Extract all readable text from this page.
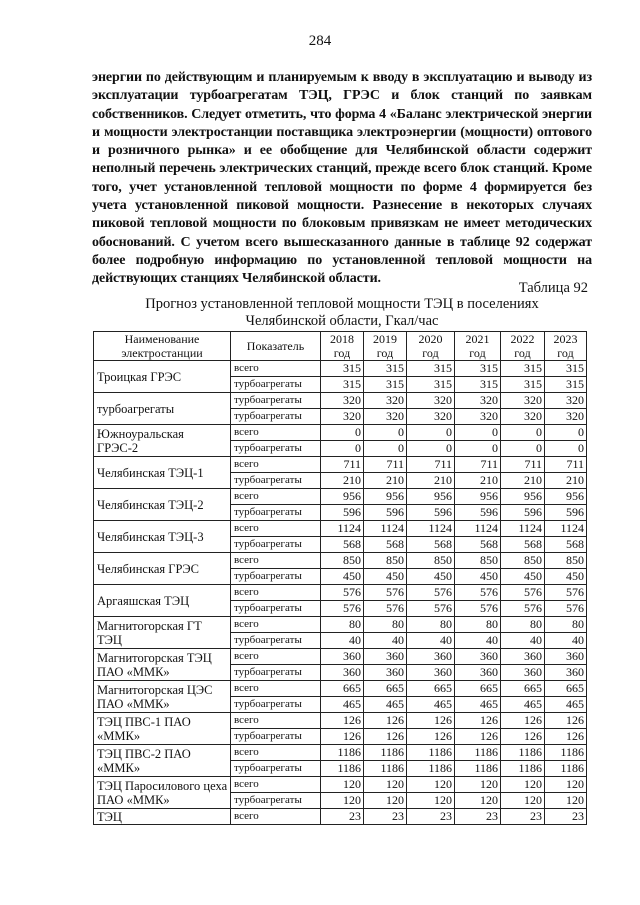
284
энергии по действующим и планируемым к вводу в эксплуатацию и выводу из эксплуатации турбоагрегатам ТЭЦ, ГРЭС и блок станций по заявкам собственников. Следует отметить, что форма 4 «Баланс электрической энергии и мощности электростанции поставщика электроэнергии (мощности) оптового и розничного рынка» и ее обобщение для Челябинской области содержит неполный перечень электрических станций, прежде всего блок станций. Кроме того, учет установленной тепловой мощности по форме 4 формируется без учета установленной пиковой мощности. Разнесение в некоторых случаях пиковой тепловой мощности по блоковым привязкам не имеет методических обоснований. С учетом всего вышесказанного данные в таблице 92 содержат более подробную информацию по установленной тепловой мощности на действующих станциях Челябинской области.
Таблица 92
Прогноз установленной тепловой мощности ТЭЦ в поселениях
Челябинской области, Гкал/час
Наименование электростанции	Показатель	2018 год	2019 год	2020 год	2021 год	2022 год	2023 год
Троицкая ГРЭС	всего	315	315	315	315	315	315
	турбоагрегаты	315	315	315	315	315	315
турбоагрегаты	турбоагрегаты	320	320	320	320	320	320
	турбоагрегаты	320	320	320	320	320	320
Южноуральская ГРЭС-2	всего	0	0	0	0	0	0
	турбоагрегаты	0	0	0	0	0	0
Челябинская ТЭЦ-1	всего	711	711	711	711	711	711
	турбоагрегаты	210	210	210	210	210	210
Челябинская ТЭЦ-2	всего	956	956	956	956	956	956
	турбоагрегаты	596	596	596	596	596	596
Челябинская ТЭЦ-3	всего	1124	1124	1124	1124	1124	1124
	турбоагрегаты	568	568	568	568	568	568
Челябинская ГРЭС	всего	850	850	850	850	850	850
	турбоагрегаты	450	450	450	450	450	450
Аргаяшская ТЭЦ	всего	576	576	576	576	576	576
	турбоагрегаты	576	576	576	576	576	576
Магнитогорская ГТ ТЭЦ	всего	80	80	80	80	80	80
	турбоагрегаты	40	40	40	40	40	40
Магнитогорская ТЭЦ ПАО «ММК»	всего	360	360	360	360	360	360
	турбоагрегаты	360	360	360	360	360	360
Магнитогорская ЦЭС ПАО «ММК»	всего	665	665	665	665	665	665
	турбоагрегаты	465	465	465	465	465	465
ТЭЦ ПВС-1 ПАО «ММК»	всего	126	126	126	126	126	126
	турбоагрегаты	126	126	126	126	126	126
ТЭЦ ПВС-2 ПАО «ММК»	всего	1186	1186	1186	1186	1186	1186
	турбоагрегаты	1186	1186	1186	1186	1186	1186
ТЭЦ Паросилового цеха ПАО «ММК»	всего	120	120	120	120	120	120
	турбоагрегаты	120	120	120	120	120	120
ТЭЦ	всего	23	23	23	23	23	23
